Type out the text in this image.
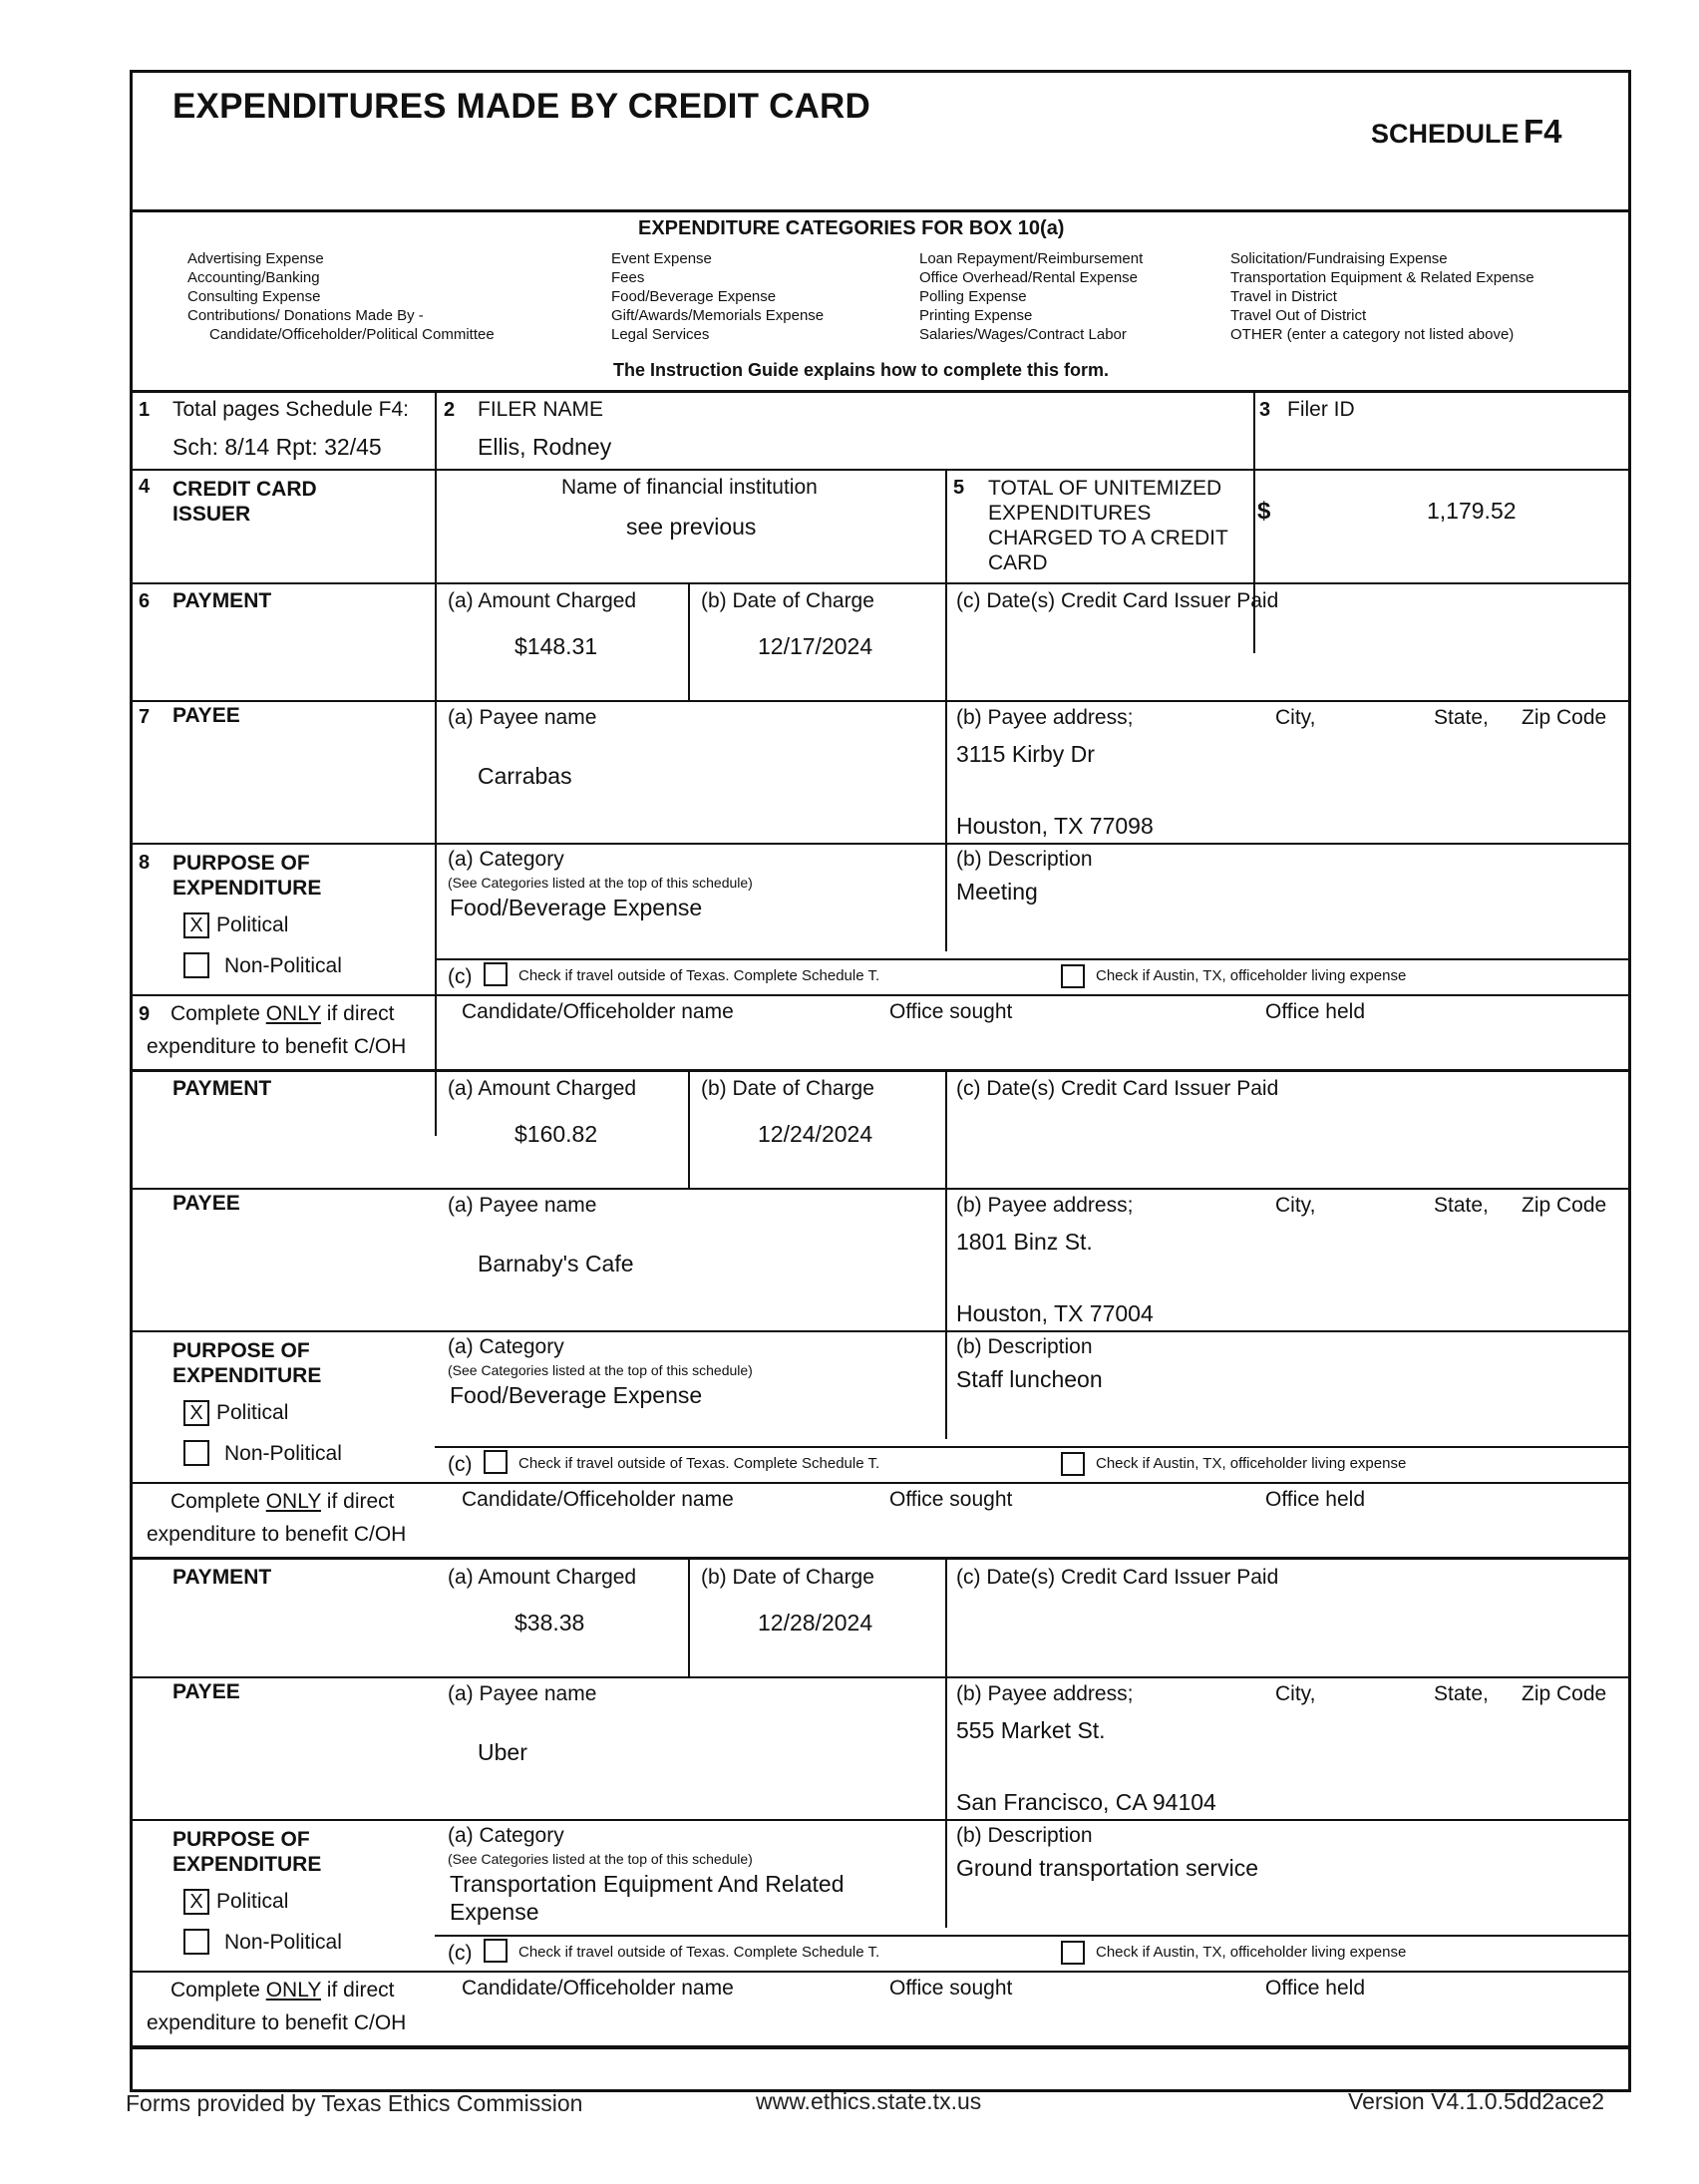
EXPENDITURES MADE BY CREDIT CARD
SCHEDULE F4
EXPENDITURE CATEGORIES FOR BOX 10(a)
Advertising Expense
Accounting/Banking
Consulting Expense
Contributions/ Donations Made By -
Candidate/Officeholder/Political Committee
Event Expense
Fees
Food/Beverage Expense
Gift/Awards/Memorials Expense
Legal Services
Loan Repayment/Reimbursement
Office Overhead/Rental Expense
Polling Expense
Printing Expense
Salaries/Wages/Contract Labor
Solicitation/Fundraising Expense
Transportation Equipment & Related Expense
Travel in District
Travel Out of District
OTHER (enter a category not listed above)
The Instruction Guide explains how to complete this form.
1 Total pages Schedule F4:
Sch: 8/14 Rpt: 32/45
2 FILER NAME
Ellis, Rodney
3 Filer ID
4 CREDIT CARD
ISSUER
Name of financial institution
see previous
5 TOTAL OF UNITEMIZED
EXPENDITURES
CHARGED TO A CREDIT
CARD
$	1,179.52
6 PAYMENT	(a) Amount Charged
$148.31
(b) Date of Charge
12/17/2024
(c) Date(s) Credit Card Issuer Paid
7 PAYEE	(a) Payee name
Carrabas
(b) Payee address;	City,	State, Zip Code
3115 Kirby Dr
Houston, TX 77098
8 PURPOSE OF
EXPENDITURE
X Political
Non-Political
(a) Category
(See Categories listed at the top of this schedule)
Food/Beverage Expense
(b) Description
Meeting
(c)	Check if travel outside of Texas. Complete Schedule T.	Check if Austin, TX, officeholder living expense
9 Complete ONLY if direct
expenditure to benefit C/OH
Candidate/Officeholder name	Office sought	Office held
PAYMENT	(a) Amount Charged
$160.82
(b) Date of Charge
12/24/2024
(c) Date(s) Credit Card Issuer Paid
PAYEE	(a) Payee name
Barnaby's Cafe
(b) Payee address;	City,	State, Zip Code
1801 Binz St.
Houston, TX 77004
PURPOSE OF
EXPENDITURE
X Political
Non-Political
(a) Category
(See Categories listed at the top of this schedule)
Food/Beverage Expense
(b) Description
Staff luncheon
(c)	Check if travel outside of Texas. Complete Schedule T.	Check if Austin, TX, officeholder living expense
Complete ONLY if direct
expenditure to benefit C/OH
Candidate/Officeholder name	Office sought	Office held
PAYMENT	(a) Amount Charged
$38.38
(b) Date of Charge
12/28/2024
(c) Date(s) Credit Card Issuer Paid
PAYEE	(a) Payee name
Uber
(b) Payee address;	City,	State, Zip Code
555 Market St.
San Francisco, CA 94104
PURPOSE OF
EXPENDITURE
X Political
Non-Political
(a) Category
(See Categories listed at the top of this schedule)
Transportation Equipment And Related
Expense
(b) Description
Ground transportation service
(c)	Check if travel outside of Texas. Complete Schedule T.	Check if Austin, TX, officeholder living expense
Complete ONLY if direct
expenditure to benefit C/OH
Candidate/Officeholder name	Office sought	Office held
Forms provided by Texas Ethics Commission	www.ethics.state.tx.us	Version V4.1.0.5dd2ace2
